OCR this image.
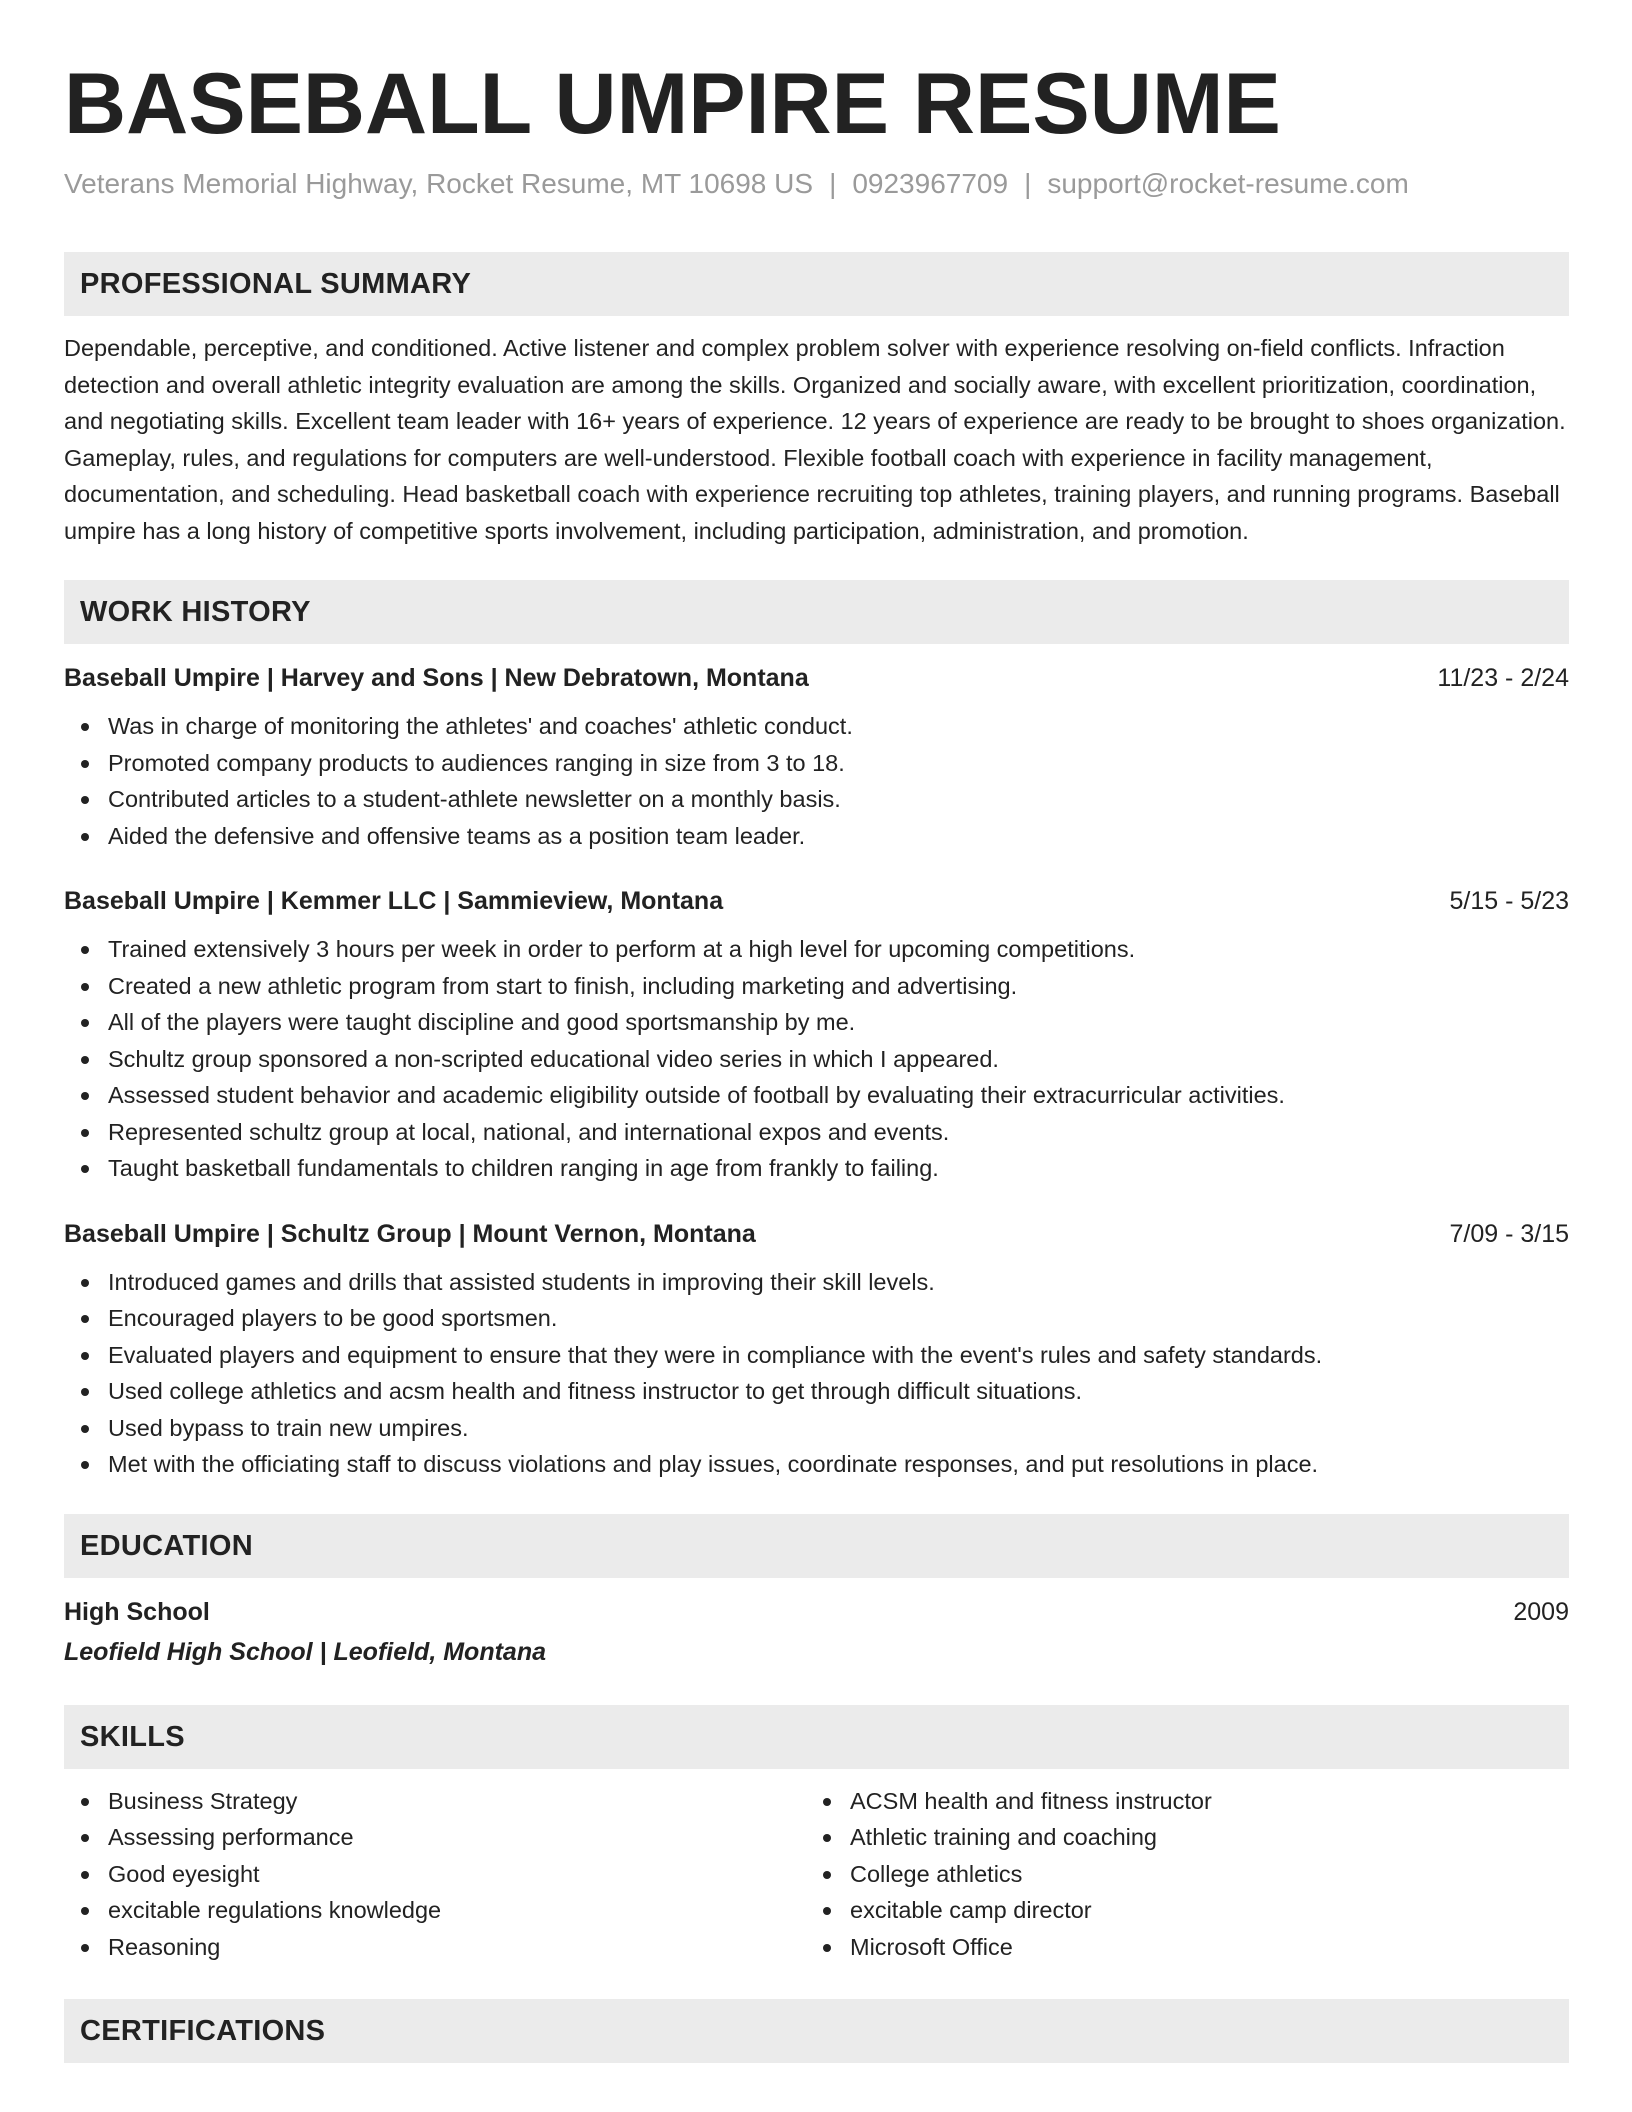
BASEBALL UMPIRE RESUME
Veterans Memorial Highway, Rocket Resume, MT 10698 US | 0923967709 | support@rocket-resume.com
PROFESSIONAL SUMMARY
Dependable, perceptive, and conditioned. Active listener and complex problem solver with experience resolving on-field conflicts. Infraction detection and overall athletic integrity evaluation are among the skills. Organized and socially aware, with excellent prioritization, coordination, and negotiating skills. Excellent team leader with 16+ years of experience. 12 years of experience are ready to be brought to shoes organization. Gameplay, rules, and regulations for computers are well-understood. Flexible football coach with experience in facility management, documentation, and scheduling. Head basketball coach with experience recruiting top athletes, training players, and running programs. Baseball umpire has a long history of competitive sports involvement, including participation, administration, and promotion.
WORK HISTORY
Baseball Umpire | Harvey and Sons | New Debratown, Montana	11/23 - 2/24
Was in charge of monitoring the athletes' and coaches' athletic conduct.
Promoted company products to audiences ranging in size from 3 to 18.
Contributed articles to a student-athlete newsletter on a monthly basis.
Aided the defensive and offensive teams as a position team leader.
Baseball Umpire | Kemmer LLC | Sammieview, Montana	5/15 - 5/23
Trained extensively 3 hours per week in order to perform at a high level for upcoming competitions.
Created a new athletic program from start to finish, including marketing and advertising.
All of the players were taught discipline and good sportsmanship by me.
Schultz group sponsored a non-scripted educational video series in which I appeared.
Assessed student behavior and academic eligibility outside of football by evaluating their extracurricular activities.
Represented schultz group at local, national, and international expos and events.
Taught basketball fundamentals to children ranging in age from frankly to failing.
Baseball Umpire | Schultz Group | Mount Vernon, Montana	7/09 - 3/15
Introduced games and drills that assisted students in improving their skill levels.
Encouraged players to be good sportsmen.
Evaluated players and equipment to ensure that they were in compliance with the event's rules and safety standards.
Used college athletics and acsm health and fitness instructor to get through difficult situations.
Used bypass to train new umpires.
Met with the officiating staff to discuss violations and play issues, coordinate responses, and put resolutions in place.
EDUCATION
High School	2009
Leofield High School | Leofield, Montana
SKILLS
Business Strategy
Assessing performance
Good eyesight
excitable regulations knowledge
Reasoning
ACSM health and fitness instructor
Athletic training and coaching
College athletics
excitable camp director
Microsoft Office
CERTIFICATIONS
